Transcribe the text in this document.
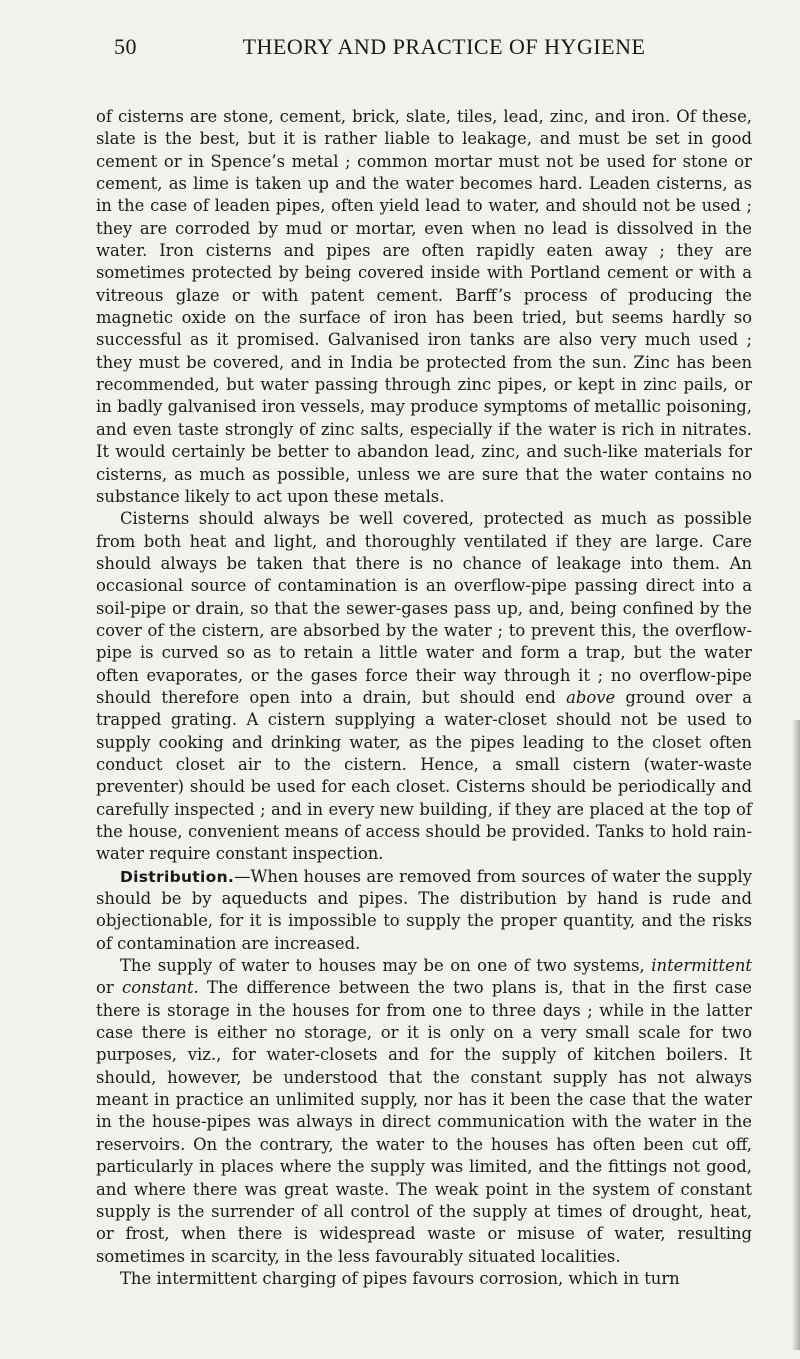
50	THEORY AND PRACTICE OF HYGIENE

of cisterns are stone, cement, brick, slate, tiles, lead, zinc, and iron. Of these, slate is the best, but it is rather liable to leakage, and must be set in good cement or in Spence’s metal ; common mortar must not be used for stone or cement, as lime is taken up and the water becomes hard. Leaden cisterns, as in the case of leaden pipes, often yield lead to water, and should not be used ; they are corroded by mud or mortar, even when no lead is dissolved in the water. Iron cisterns and pipes are often rapidly eaten away ; they are sometimes protected by being covered inside with Portland cement or with a vitreous glaze or with patent cement. Barff’s process of producing the magnetic oxide on the surface of iron has been tried, but seems hardly so successful as it promised. Galvanised iron tanks are also very much used ; they must be covered, and in India be protected from the sun. Zinc has been recommended, but water passing through zinc pipes, or kept in zinc pails, or in badly galvanised iron vessels, may produce symptoms of metallic poisoning, and even taste strongly of zinc salts, especially if the water is rich in nitrates. It would certainly be better to abandon lead, zinc, and such-like materials for cisterns, as much as possible, unless we are sure that the water contains no substance likely to act upon these metals.

Cisterns should always be well covered, protected as much as possible from both heat and light, and thoroughly ventilated if they are large. Care should always be taken that there is no chance of leakage into them. An occasional source of contamination is an overflow-pipe passing direct into a soil-pipe or drain, so that the sewer-gases pass up, and, being confined by the cover of the cistern, are absorbed by the water ; to prevent this, the overflow-pipe is curved so as to retain a little water and form a trap, but the water often evaporates, or the gases force their way through it ; no overflow-pipe should therefore open into a drain, but should end above ground over a trapped grating. A cistern supplying a water-closet should not be used to supply cooking and drinking water, as the pipes leading to the closet often conduct closet air to the cistern. Hence, a small cistern (water-waste preventer) should be used for each closet. Cisterns should be periodically and carefully inspected ; and in every new building, if they are placed at the top of the house, convenient means of access should be provided. Tanks to hold rain-water require constant inspection.

Distribution.—When houses are removed from sources of water the supply should be by aqueducts and pipes. The distribution by hand is rude and objectionable, for it is impossible to supply the proper quantity, and the risks of contamination are increased.

The supply of water to houses may be on one of two systems, intermittent or constant. The difference between the two plans is, that in the first case there is storage in the houses for from one to three days ; while in the latter case there is either no storage, or it is only on a very small scale for two purposes, viz., for water-closets and for the supply of kitchen boilers. It should, however, be understood that the constant supply has not always meant in practice an unlimited supply, nor has it been the case that the water in the house-pipes was always in direct communication with the water in the reservoirs. On the contrary, the water to the houses has often been cut off, particularly in places where the supply was limited, and the fittings not good, and where there was great waste. The weak point in the system of constant supply is the surrender of all control of the supply at times of drought, heat, or frost, when there is widespread waste or misuse of water, resulting sometimes in scarcity, in the less favourably situated localities.

The intermittent charging of pipes favours corrosion, which in turn
